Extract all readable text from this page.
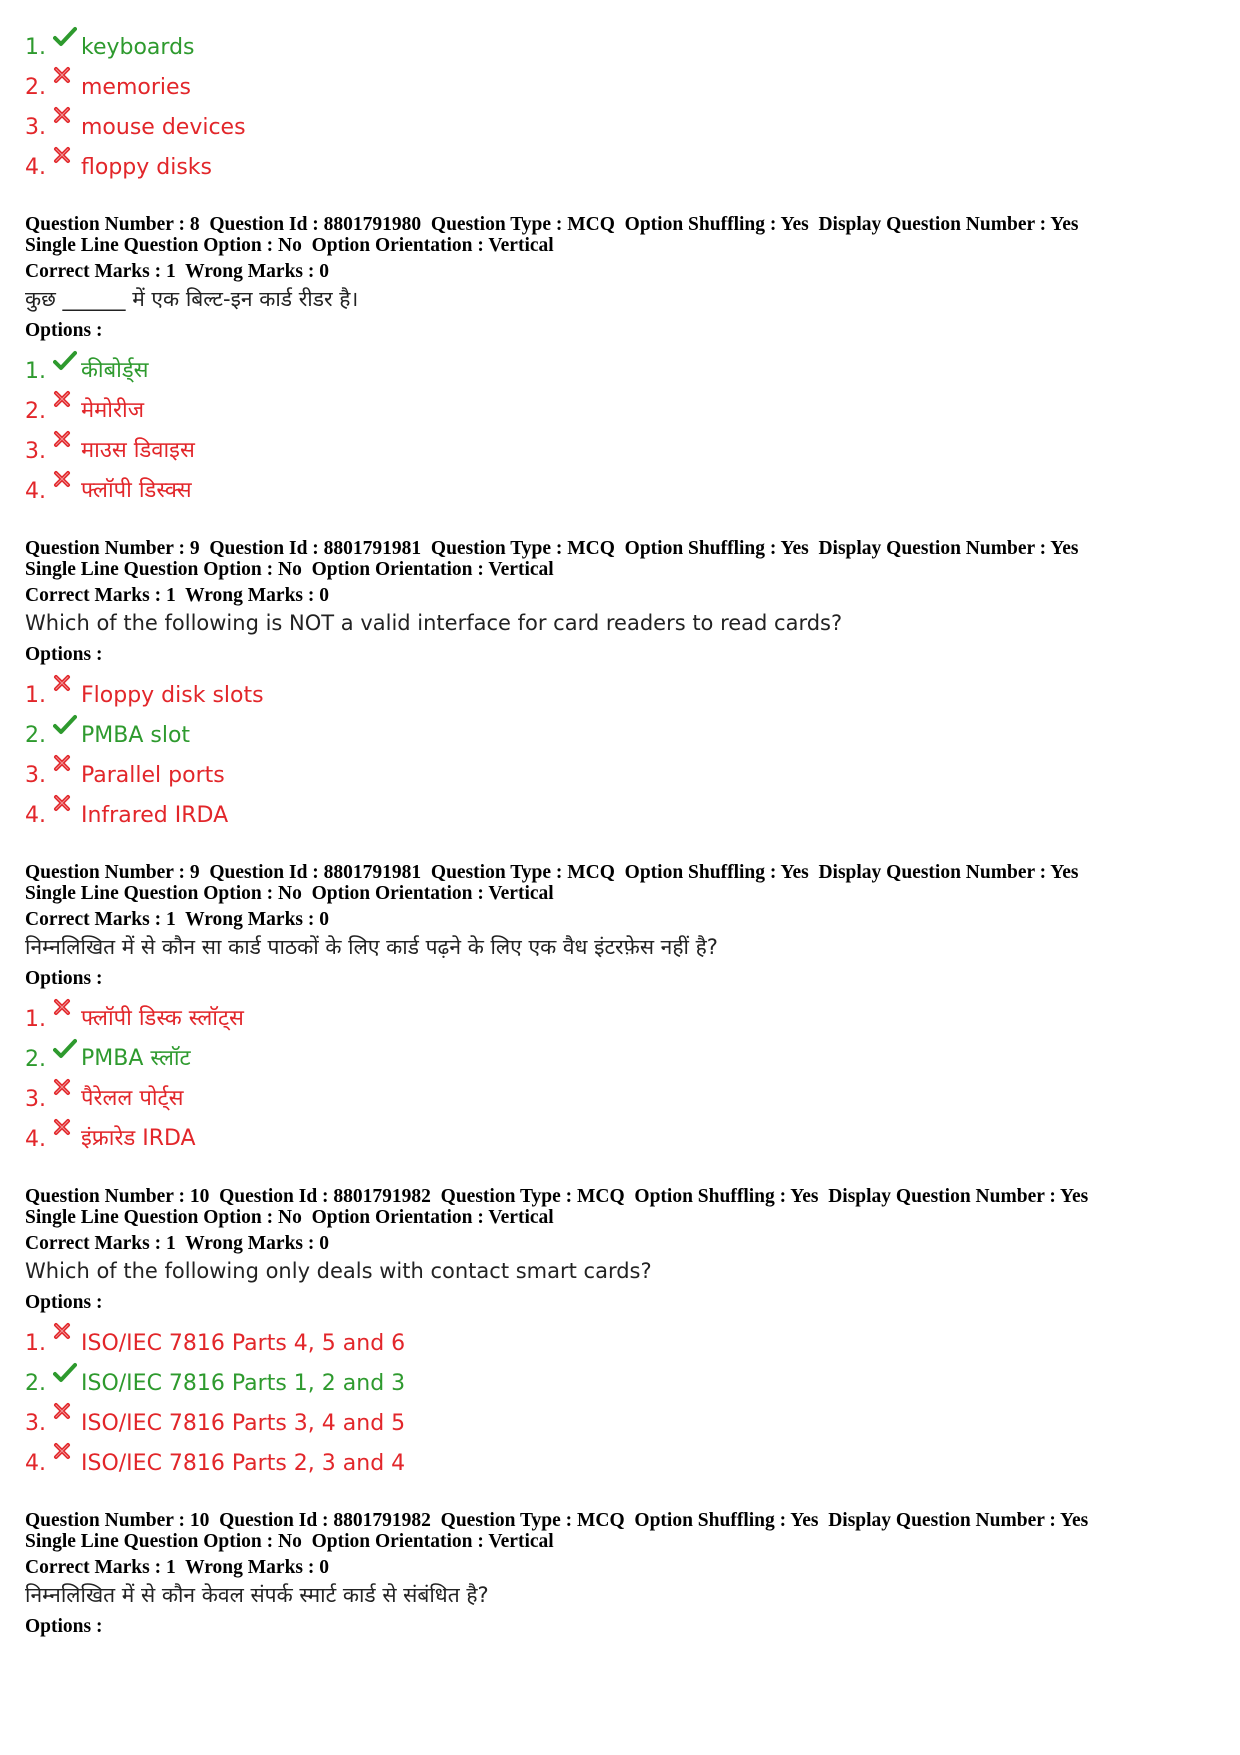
1.	keyboards
2.	memories
3.	mouse devices
4.	floppy disks

Question Number : 8  Question Id : 8801791980  Question Type : MCQ  Option Shuffling : Yes  Display Question Number : Yes

Single Line Question Option : No  Option Orientation : Vertical

Correct Marks : 1  Wrong Marks : 0

कुछ ______ में एक बिल्ट-इन कार्ड रीडर है।

Options :

1.	कीबोर्ड्स
2.	मेमोरीज
3.	माउस डिवाइस
4.	फ्लॉपी डिस्क्स

Question Number : 9  Question Id : 8801791981  Question Type : MCQ  Option Shuffling : Yes  Display Question Number : Yes

Single Line Question Option : No  Option Orientation : Vertical

Correct Marks : 1  Wrong Marks : 0

Which of the following is NOT a valid interface for card readers to read cards?

Options :

1.	Floppy disk slots
2.	PMBA slot
3.	Parallel ports
4.	Infrared IRDA

Question Number : 9  Question Id : 8801791981  Question Type : MCQ  Option Shuffling : Yes  Display Question Number : Yes

Single Line Question Option : No  Option Orientation : Vertical

Correct Marks : 1  Wrong Marks : 0

निम्नलिखित में से कौन सा कार्ड पाठकों के लिए कार्ड पढ़ने के लिए एक वैध इंटरफ़ेस नहीं है?

Options :

1.	फ्लॉपी डिस्क स्लॉट्स
2.	PMBA स्लॉट
3.	पैरेलल पोर्ट्स
4.	इंफ्रारेड IRDA

Question Number : 10  Question Id : 8801791982  Question Type : MCQ  Option Shuffling : Yes  Display Question Number : Yes

Single Line Question Option : No  Option Orientation : Vertical

Correct Marks : 1  Wrong Marks : 0

Which of the following only deals with contact smart cards?

Options :

1.	ISO/IEC 7816 Parts 4, 5 and 6
2.	ISO/IEC 7816 Parts 1, 2 and 3
3.	ISO/IEC 7816 Parts 3, 4 and 5
4.	ISO/IEC 7816 Parts 2, 3 and 4

Question Number : 10  Question Id : 8801791982  Question Type : MCQ  Option Shuffling : Yes  Display Question Number : Yes

Single Line Question Option : No  Option Orientation : Vertical

Correct Marks : 1  Wrong Marks : 0

निम्नलिखित में से कौन केवल संपर्क स्मार्ट कार्ड से संबंधित है?

Options :
